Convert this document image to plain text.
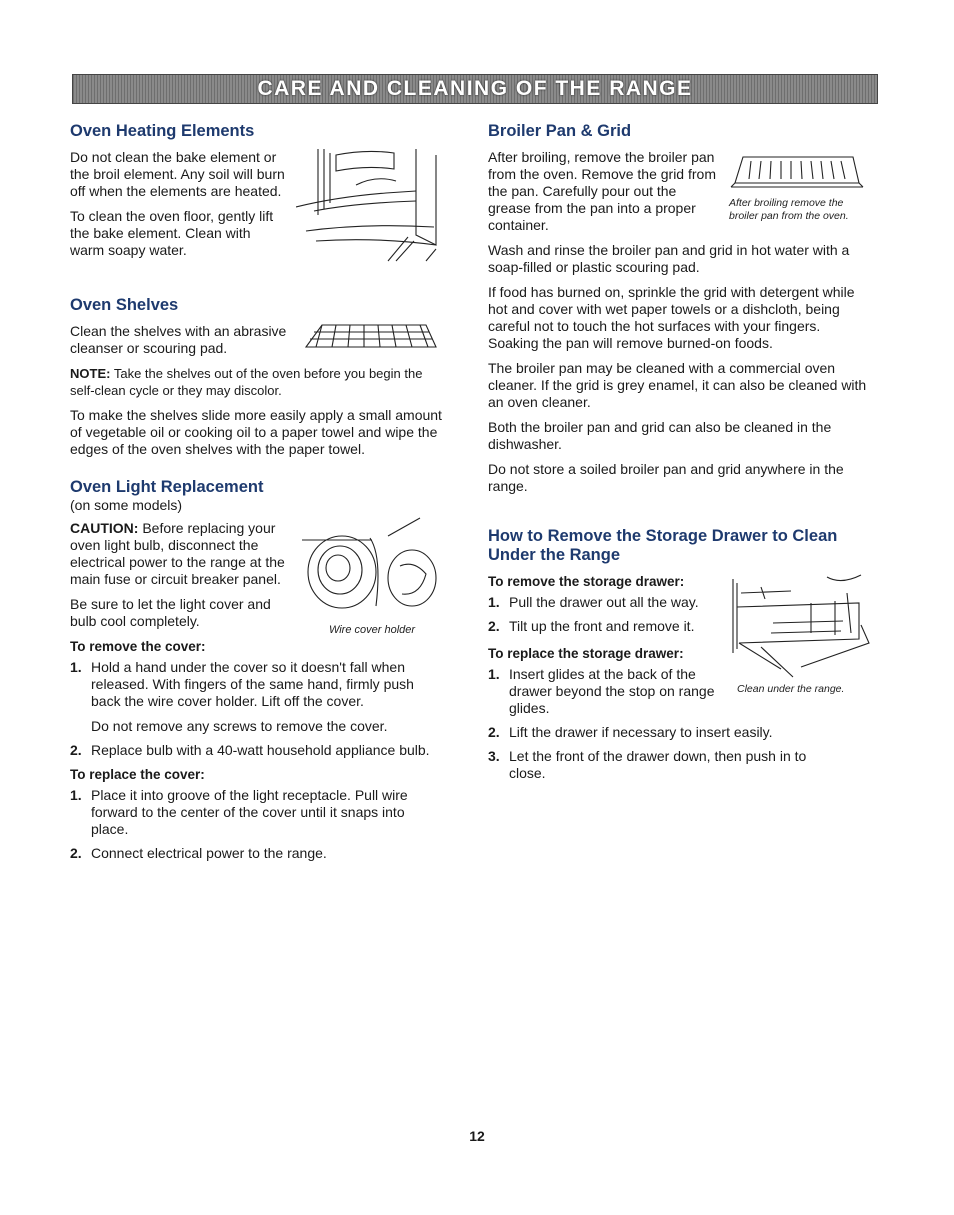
CARE AND CLEANING OF THE RANGE
Oven Heating Elements

Do not clean the bake element or the broil element. Any soil will burn off when the elements are heated.

To clean the oven floor, gently lift the bake element. Clean with warm soapy water.

Oven Shelves

Clean the shelves with an abrasive cleanser or scouring pad.

NOTE: Take the shelves out of the oven before you begin the self-clean cycle or they may discolor.

To make the shelves slide more easily apply a small amount of vegetable oil or cooking oil to a paper towel and wipe the edges of the oven shelves with the paper towel.

Oven Light Replacement

(on some models)

Wire cover holder

CAUTION: Before replacing your oven light bulb, disconnect the electrical power to the range at the main fuse or circuit breaker panel.

Be sure to let the light cover and bulb cool completely.

To remove the cover:
1. Hold a hand under the cover so it doesn't fall when released. With fingers of the same hand, firmly push back the wire cover holder. Lift off the cover.
Do not remove any screws to remove the cover.
2. Replace bulb with a 40-watt household appliance bulb.
To replace the cover:
1. Place it into groove of the light receptacle. Pull wire forward to the center of the cover until it snaps into place.
2. Connect electrical power to the range.
Broiler Pan & Grid
After broiling remove the broiler pan from the oven.

After broiling, remove the broiler pan from the oven. Remove the grid from the pan. Carefully pour out the grease from the pan into a proper container.

Wash and rinse the broiler pan and grid in hot water with a soap-filled or plastic scouring pad.

If food has burned on, sprinkle the grid with detergent while hot and cover with wet paper towels or a dishcloth, being careful not to touch the hot surfaces with your fingers. Soaking the pan will remove burned-on foods.

The broiler pan may be cleaned with a commercial oven cleaner. If the grid is grey enamel, it can also be cleaned with an oven cleaner.

Both the broiler pan and grid can also be cleaned in the dishwasher.

Do not store a soiled broiler pan and grid anywhere in the range.

How to Remove the Storage Drawer to Clean Under the Range
Clean under the range.
To remove the storage drawer:
1. Pull the drawer out all the way.
2. Tilt up the front and remove it.
To replace the storage drawer:
1. Insert glides at the back of the drawer beyond the stop on range glides.
2. Lift the drawer if necessary to insert easily.
3. Let the front of the drawer down, then push in to close.
12
